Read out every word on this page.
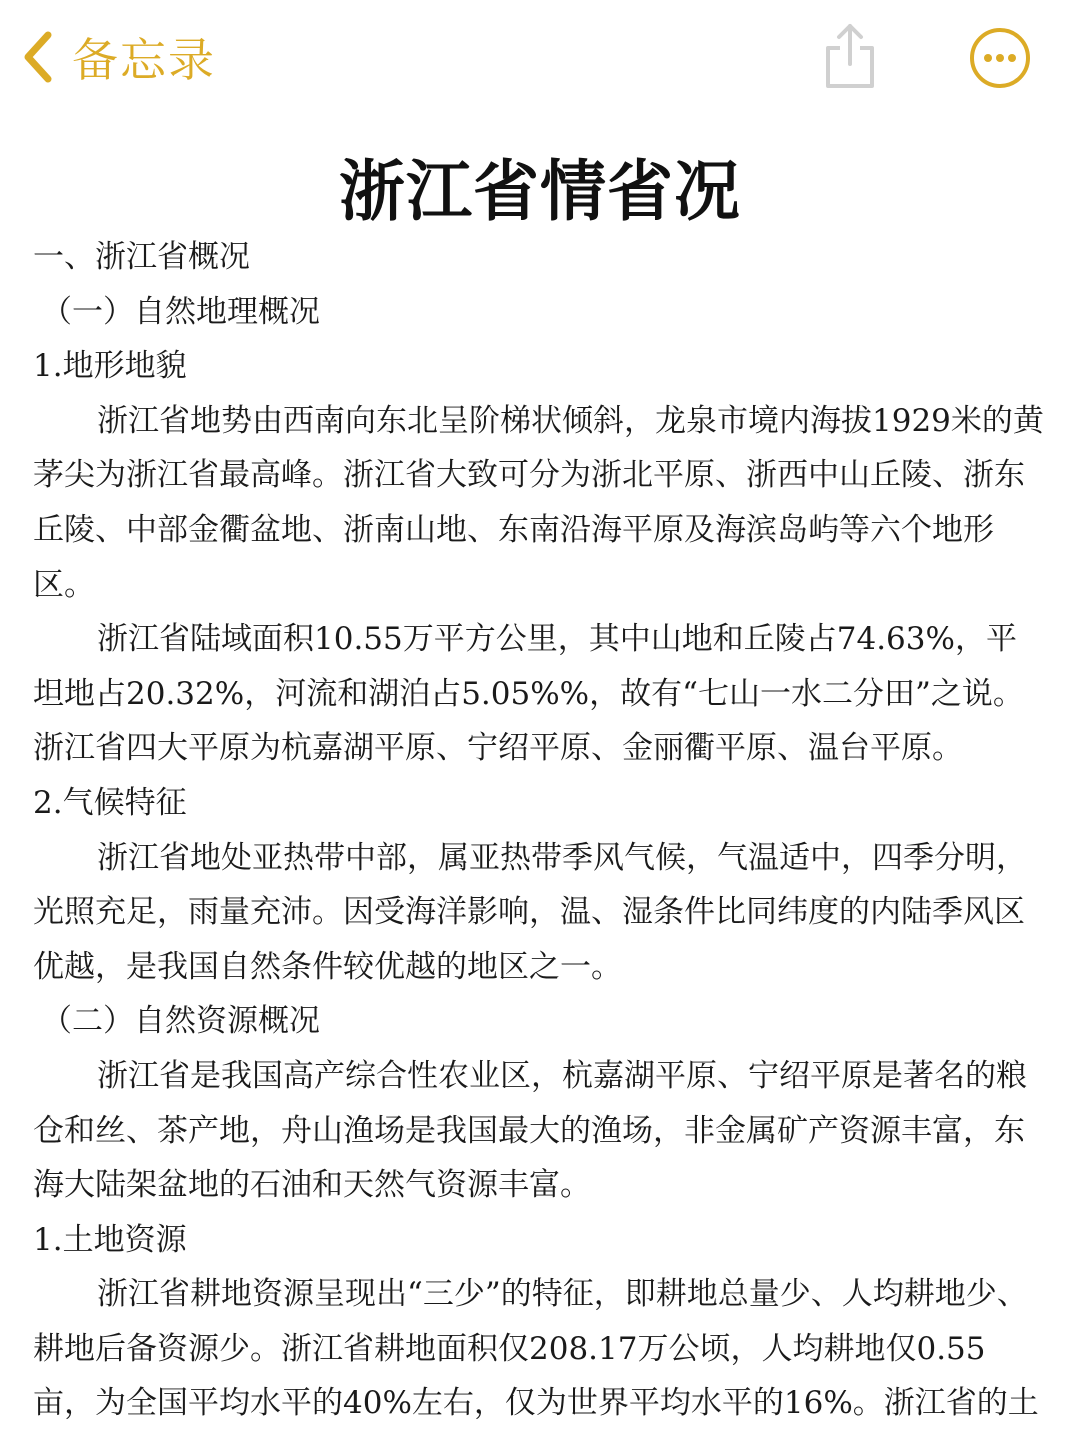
备忘录
浙江省情省况

一、浙江省概况

（一）自然地理概况

1.地形地貌

浙江省地势由西南向东北呈阶梯状倾斜，龙泉市境内海拔1929米的黄茅尖为浙江省最高峰。浙江省大致可分为浙北平原、浙西中山丘陵、浙东丘陵、中部金衢盆地、浙南山地、东南沿海平原及海滨岛屿等六个地形区。

浙江省陆域面积10.55万平方公里，其中山地和丘陵占74.63%，平坦地占20.32%，河流和湖泊占5.05%%，故有“七山一水二分田”之说。浙江省四大平原为杭嘉湖平原、宁绍平原、金丽衢平原、温台平原。

2.气候特征

浙江省地处亚热带中部，属亚热带季风气候，气温适中，四季分明，光照充足，雨量充沛。因受海洋影响，温、湿条件比同纬度的内陆季风区优越，是我国自然条件较优越的地区之一。

（二）自然资源概况

浙江省是我国高产综合性农业区，杭嘉湖平原、宁绍平原是著名的粮仓和丝、茶产地，舟山渔场是我国最大的渔场，非金属矿产资源丰富，东海大陆架盆地的石油和天然气资源丰富。

1.土地资源

浙江省耕地资源呈现出“三少”的特征，即耕地总量少、人均耕地少、耕地后备资源少。浙江省耕地面积仅208.17万公顷，人均耕地仅0.55亩，为全国平均水平的40%左右，仅为世界平均水平的16%。浙江省的土
